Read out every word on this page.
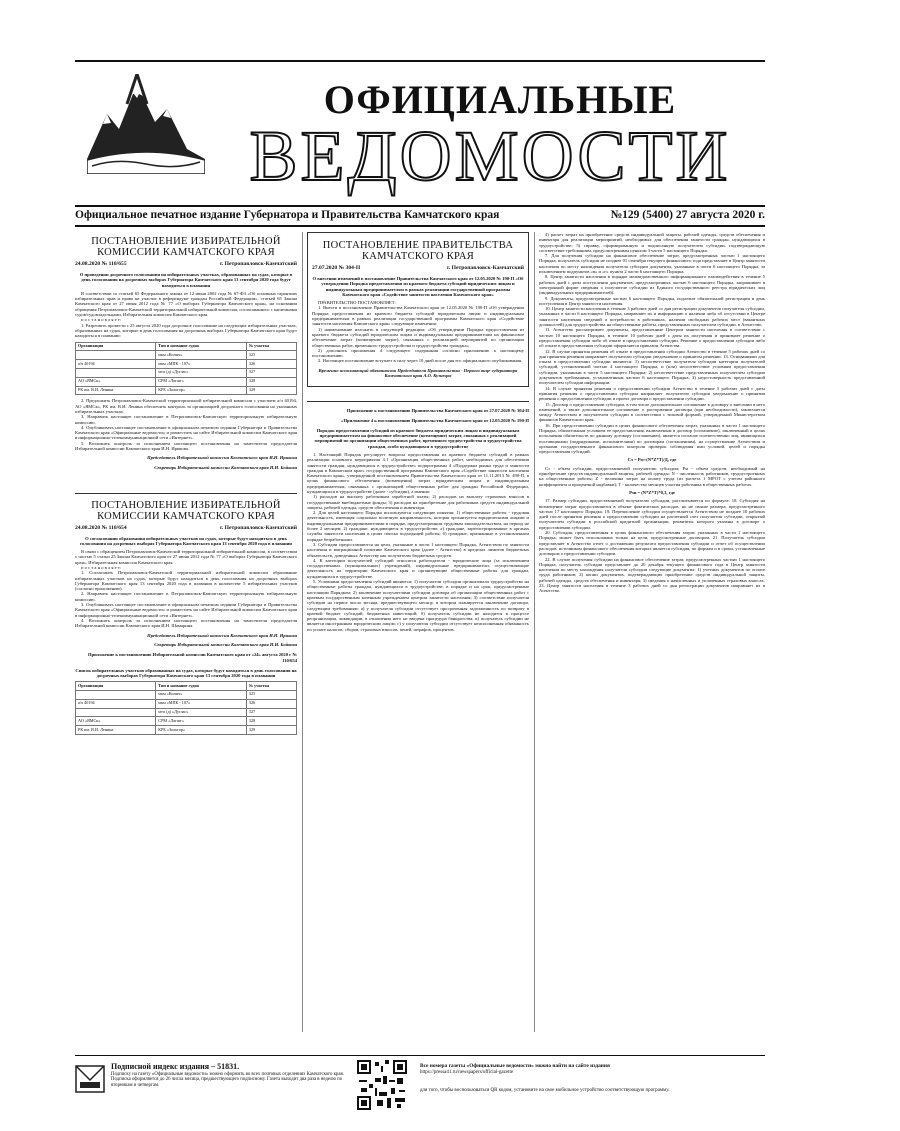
ОФИЦИАЛЬНЫЕ
ВЕДОМОСТИ
Официальное печатное издание Губернатора и Правительства Камчатского края	№129 (5400) 27 августа 2020 г.
ПОСТАНОВЛЕНИЕ ИЗБИРАТЕЛЬНОЙ КОМИССИИ КАМЧАТСКОГО КРАЯ
24.08.2020 № 110/655	г. Петропавловск-Камчатский

О проведении досрочного голосования на избирательных участках, образованных на судах, которые в день голосования на досрочных выборах Губернатора Камчатского края 13 сентября 2020 года будут находиться в плавании

В соответствии со статьей 65 Федерального закона от 12 июня 2002 года № 67-ФЗ «Об основных гарантиях избирательных прав и права на участие в референдуме граждан Российской Федерации», статьей 65 Закона Камчатского края от 27 июня 2012 года № 77 «О выборах Губернатора Камчатского края», на основании обращения Петропавловск-Камчатской территориальной избирательной комиссии, согласованного с капитанами судов/судовладельцами, Избирательная комиссия Камчатского края

п о с т а н о в л я е т:

1. Разрешить провести с 25 августа 2020 года досрочное голосование на следующих избирательных участках, образованных на судах, которые в день голосования на досрочных выборах Губернатора Камчатского края будут находиться в плавании:

Организация	Тип и название судна	№ участка
	мкм «Колыч»	325
а/ч 40194	мкм «МПК - 107»	326
	мтп (д) «Дуглас»	327
АО «ЯМСк»	СРМ «Лагшт»	328
РК им. В.И. Ленина	КРБ «Залогор»	329

2. Предложить Петропавловск-Камчатской территориальной избирательной комиссии с участием а/ч 40194, АО «ЯМСк», РК им. В.И. Ленина обеспечить контроль за организацией досрочного голосования на указанных избирательных участках.

3. Направить настоящее постановление в Петропавловск-Камчатскую территориальную избирательную комиссию.

4. Опубликовать настоящее постановление в официальном печатном издании Губернатора и Правительства Камчатского края «Официальные ведомости» и разместить на сайте Избирательной комиссии Камчатского края в информационно-телекоммуникационной сети «Интернет».

5. Возложить контроль за исполнением настоящего постановления на заместителя председателя Избирательной комиссии Камчатского края И.Н. Ирикова.

Председатель Избирательной комиссии Камчатского края И.Н. Ирикова

Секретарь Избирательной комиссии Камчатского края Н.И. Бойкова

ПОСТАНОВЛЕНИЕ ИЗБИРАТЕЛЬНОЙ КОМИССИИ КАМЧАТСКОГО КРАЯ
24.08.2020 № 110/654	г. Петропавловск-Камчатский

О согласовании образования избирательных участков на судах, которые будут находиться в день голосования на досрочных выборах Губернатора Камчатского края 13 сентября 2020 года в плавании

В связи с обращением Петропавловск-Камчатской территориальной избирательной комиссии, в соответствии с частью 5 статьи 25 Закона Камчатского края от 27 июня 2012 года № 77 «О выборах Губернатора Камчатского края», Избирательная комиссия Камчатского края

п о с т а н о в л я е т:

1. Согласовать Петропавловск-Камчатской территориальной избирательной комиссии образование избирательных участков на судах, которые будут находиться в день голосования на досрочных выборах Губернатора Камчатского края 13 сентября 2020 года в плавании в количестве 5 избирательных участков (согласно приложению).

2. Направить настоящее постановление в Петропавловск-Камчатскую территориальную избирательную комиссию.

3. Опубликовать настоящее постановление в официальном печатном издании Губернатора и Правительства Камчатского края «Официальные ведомости» и разместить на сайте Избирательной комиссии Камчатского края в информационно-телекоммуникационной сети «Интернет».

4. Возложить контроль за исполнением настоящего постановления на заместителя председателя Избирательной комиссии Камчатского края И.Н. Шамарина.

Председатель Избирательной комиссии Камчатского края И.Н. Ирикова

Секретарь Избирательной комиссии Камчатского края Н.И. Бойкова

Приложение к постановлению Избирательной комиссии Камчатского края от «24» августа 2020 г № 110/654

Список избирательных участков образованных на судах, которые будут находиться в день голосования на досрочных выборах Губернатора Камчатского края 13 сентября 2020 года в плавании

Организация	Тип и название судна	№ участка
	мкм «Колыч»	325
а/ч 40194	мкм «МПК - 107»	326
	мтп (д) «Дуглас»	327
АО «ЯМСк»	СРМ «Лагшт»	328
РК им. В.И. Ленина	КРБ «Залогор»	329
ПОСТАНОВЛЕНИЕ ПРАВИТЕЛЬСТВА КАМЧАТСКОГО КРАЯ
27.07.2020 № 304-П	г. Петропавловск-Камчатский

О внесении изменений в постановление Правительства Камчатского края от 12.05.2020 № 190-П «Об утверждении Порядка предоставления из краевого бюджета субсидий юридическим лицам и индивидуальным предпринимателям в рамках реализации государственной программы Камчатского края «Содействие занятости населения Камчатского края»

ПРАВИТЕЛЬСТВО ПОСТАНОВЛЯЕТ:

1. Внести в постановление Правительства Камчатского края от 12.05.2020 № 190-П «Об утверждении Порядка предоставления из краевого бюджета субсидий юридическим лицам и индивидуальным предпринимателям в рамках реализации государственной программы Камчатского края «Содействие занятости населения Камчатского края» следующие изменения:

1) наименование изложить в следующей редакции: «Об утверждении Порядка предоставления из краевого бюджета субсидий юридическим лицам и индивидуальным предпринимателям на финансовое обеспечение затрат (возмещение затрат), связанных с реализацией мероприятий по организации общественных работ, временного трудоустройства и трудоустройства граждан»;

2) дополнить приложения 4 следующего содержания согласно приложению к настоящему постановлению.

2. Настоящее постановление вступает в силу через 10 дней после дня его официального опубликования.

Временно исполняющий обязанности Председателя Правительства - Первого вице-губернатора Камчатского края А.О. Кузнецов

Приложение к постановлению Правительства Камчатского края от 27.07.2020 № 304-П

«Приложение 4 к постановлению Правительства Камчатского края от 12.05.2020 № 190-П

Порядок предоставления субсидий из краевого бюджета юридическим лицам и индивидуальным предпринимателям на финансовое обеспечение (возмещение) затрат, связанных с реализацией мероприятий по организации общественных работ, временного трудоустройства и трудоустройства граждан, особо нуждающихся в трудоустройстве

1. Настоящий Порядок регулирует вопросы предоставления из краевого бюджета субсидий в рамках реализации основного мероприятия 4.1 «Организация общественных работ, необходимых для обеспечения занятости граждан, нуждающихся в трудоустройстве» подпрограммы 4 «Поддержка рынка труда и занятости граждан в Камчатском крае» государственной программы Камчатского края «Содействие занятости населения Камчатского края», утвержденной постановлением Правительства Камчатского края от 11.11.2013 № 490-П, в целях финансового обеспечения (возмещения) затрат юридическим лицам и индивидуальным предпринимателям, связанных с организацией общественных работ для граждан Российской Федерации, нуждающихся в трудоустройстве (далее - субсидии), а именно:

1) расходов на выплату работникам заработной платы; 2) расходов на выплату страховых взносов в государственные внебюджетные фонды; 3) расходов на приобретение для работников средств индивидуальной защиты, рабочей одежды, средств обеспечения и инвентаря.

2. Для целей настоящего Порядка используются следующие понятия: 1) общественные работы - трудовая деятельность, имеющая социально полезную направленность, которая организуется юридическими лицами и индивидуальными предпринимателями в порядке, предусмотренном трудовым законодательством, на период не более 2 месяцев; 2) граждане, нуждающиеся в трудоустройстве: а) граждане, зарегистрированные в органах службы занятости населения в целях поиска подходящей работы; б) граждане, признанные в установленном порядке безработными.

3. Субсидии предоставляются на цели, указанные в части 1 настоящего Порядка, Агентством по занятости населения и миграционной политике Камчатского края (далее - Агентство) в пределах лимитов бюджетных обязательств, доведенных Агентству как получателю бюджетных средств.

4. К категории получателей субсидий относятся работодатели - юридические лица (за исключением государственных (муниципальных) учреждений), индивидуальные предприниматели, осуществляющие деятельность на территории Камчатского края и организующие общественные работы для граждан, нуждающихся в трудоустройстве.

5. Условиями предоставления субсидий являются: 1) получатели субсидии организовали трудоустройство на общественные работы граждан, нуждающихся в трудоустройстве, в порядке и на срок, предусмотренные настоящим Порядком; 2) заключение получателями субсидии договора об организации общественных работ с краевым государственным казенным учреждением центром занятости населения; 3) соответствие получателя субсидии на первое число месяца, предшествующего месяцу, в котором планируется заключение договора, следующим требованиям: а) у получателя субсидии отсутствует просроченная задолженность по возврату в краевой бюджет субсидий, бюджетных инвестиций; б) получатель субсидии не находится в процессе реорганизации, ликвидации, в отношении него не введена процедура банкротства; в) получатель субсидии не является иностранным юридическим лицом; г) у получателя субсидии отсутствует неисполненная обязанность по уплате налогов, сборов, страховых взносов, пеней, штрафов, процентов.

4) расчет затрат на приобретение средств индивидуальной защиты, рабочей одежды, средств обеспечения и инвентаря для реализации мероприятий, необходимых для обеспечения занятости граждан, нуждающихся в трудоустройстве; 5) справку, сформированную и подписанную получателем субсидии, подтверждающую соответствие требованиям, предусмотренным пунктом 3 части 5 настоящего Порядка.

7. Для получения субсидии на финансовое обеспечение затрат, предусмотренных частью 1 настоящего Порядка, получатель субсидии не позднее 01 сентября текущего финансового года представляет в Центр занятости населения по месту нахождения получателя субсидии документы, указанные в части 6 настоящего Порядка, за исключением подпунктов «в» и «г» пункта 2 части 6 настоящего Порядка.

8. Центр занятости населения в порядке межведомственного информационного взаимодействия в течение 5 рабочих дней с даты поступления документов, предусмотренных частью 6 настоящего Порядка, запрашивает в электронной форме сведения о получателе субсидии из Единого государственного реестра юридических лиц (индивидуальных предпринимателей).

9. Документы, предусмотренные частью 6 настоящего Порядка, подлежат обязательной регистрации в день поступления в Центр занятости населения.

10. Центр занятости населения в течение 3 рабочих дней со дня регистрации документов получателя субсидии, указанных в части 6 настоящего Порядка, направляет их и информацию о наличии либо об отсутствии в Центре занятости населения сведений о потребности в работниках, наличии свободных рабочих мест (вакантных должностей) для трудоустройства на общественные работы, представленных получателем субсидии, в Агентство.

11. Агентство рассматривает документы, представленные Центром занятости населения в соответствии с частью 10 настоящего Порядка, в течение 10 рабочих дней с даты их получения и принимает решение о предоставлении субсидии либо об отказе в предоставлении субсидии. Решение о предоставлении субсидии либо об отказе в предоставлении субсидии оформляется приказом Агентства.

12. В случае принятия решения об отказе в предоставлении субсидии Агентство в течение 5 рабочих дней со дня принятия решения направляет получателю субсидии уведомление о принятом решении. 13. Основаниями для отказа в предоставлении субсидии являются: 1) несоответствие получателя субсидии категории получателей субсидий, установленной частью 4 настоящего Порядка, и (или) несоответствие условиям предоставления субсидии, указанным в части 5 настоящего Порядка; 2) несоответствие представленных получателем субсидии документов требованиям, установленным частью 6 настоящего Порядка; 3) недостоверность представленной получателем субсидии информации.

14. В случае принятия решения о предоставлении субсидии Агентство в течение 5 рабочих дней с даты принятия решения о предоставлении субсидии направляет получателю субсидии уведомление о принятии решения о предоставлении субсидии и проект договора о предоставлении субсидии.

15. Договор о предоставлении субсидии, в том числе дополнительное соглашение к договору о внесении в него изменений, а также дополнительное соглашение о расторжении договора (при необходимости), заключается между Агентством и получателем субсидии в соответствии с типовой формой, утвержденной Министерством финансов Камчатского края.

16. При предоставлении субсидии в целях финансового обеспечения затрат, указанных в части 1 настоящего Порядка, обязательным условием ее предоставления, включаемым в договор (соглашение), заключенный в целях исполнения обязательств по данному договору (соглашению), является согласие соответственно лиц, являющихся поставщиками (подрядчиками, исполнителями) по договорам (соглашениям), на осуществление Агентством и органами государственного финансового контроля проверок соблюдения ими условий, целей и порядка предоставления субсидий.

Сз = Рм×(N*Z*Т)/Д, где

Сз - объем субсидии, предоставляемой получателю субсидии; Рм - объем средств, необходимый на приобретение средств индивидуальной защиты, рабочей одежды; N - численность работников, трудоустроенных на общественные работы; Z - величина затрат на оплату труда (из расчета 1 МРОТ с учетом районного коэффициента и процентной надбавки); Т - количество месяцев участия работника в общественных работах.

Рзп = (N*Z*Т)*0,3, где

17. Размер субсидии, предоставляемой получателю субсидии, рассчитывается по формуле. 18. Субсидия на возмещение затрат предоставляется в объеме фактических расходов, но не свыше размера, предусмотренного частью 17 настоящего Порядка. 19. Перечисление субсидии осуществляется Агентством не позднее 10 рабочих дней после принятия решения о предоставлении субсидии на расчетный счет получателя субсидии, открытый получателем субсидии в российской кредитной организации, реквизиты которого указаны в договоре о предоставлении субсидии.

20. Субсидия, предоставленная в целях финансового обеспечения затрат, указанных в части 1 настоящего Порядка, может быть использована только на цели, предусмотренные договором. 21. Получатель субсидии представляет в Агентство отчет о достижении результата предоставления субсидии и отчет об осуществлении расходов, источником финансового обеспечения которых является субсидия, по формам и в сроки, установленные договором о предоставлении субсидии.

22. В случае получения субсидии на финансовое обеспечение затрат, предусмотренных частью 1 настоящего Порядка, получатель субсидии представляет до 20 декабря текущего финансового года в Центр занятости населения по месту нахождения получателя субсидии следующие документы: 1) учетных документов по оплате труда работников; 2) копии документов, подтверждающих приобретение средств индивидуальной защиты, рабочей одежды, средств обеспечения и инвентаря; 3) сведения о начисленных и уплаченных страховых взносах. 23. Центр занятости населения в течение 3 рабочих дней со дня регистрации документов направляет их в Агентство.

Подписной индекс издания – 51831.
Подписку на газету «Официальные ведомости» можно оформить во всех почтовых отделениях Камчатского края. Подписка оформляется до 26 числа месяца, предшествующего подписному. Газета выходит два раза в неделю по вторникам и четвергам.
Все номера газеты «Официальные ведомости» можно найти на сайте издания
https://pressa41.ru/newspapers/official-gazette
для того, чтобы воспользоваться QR кодом, установите на свое мобильное устройство соответствующую программу.
